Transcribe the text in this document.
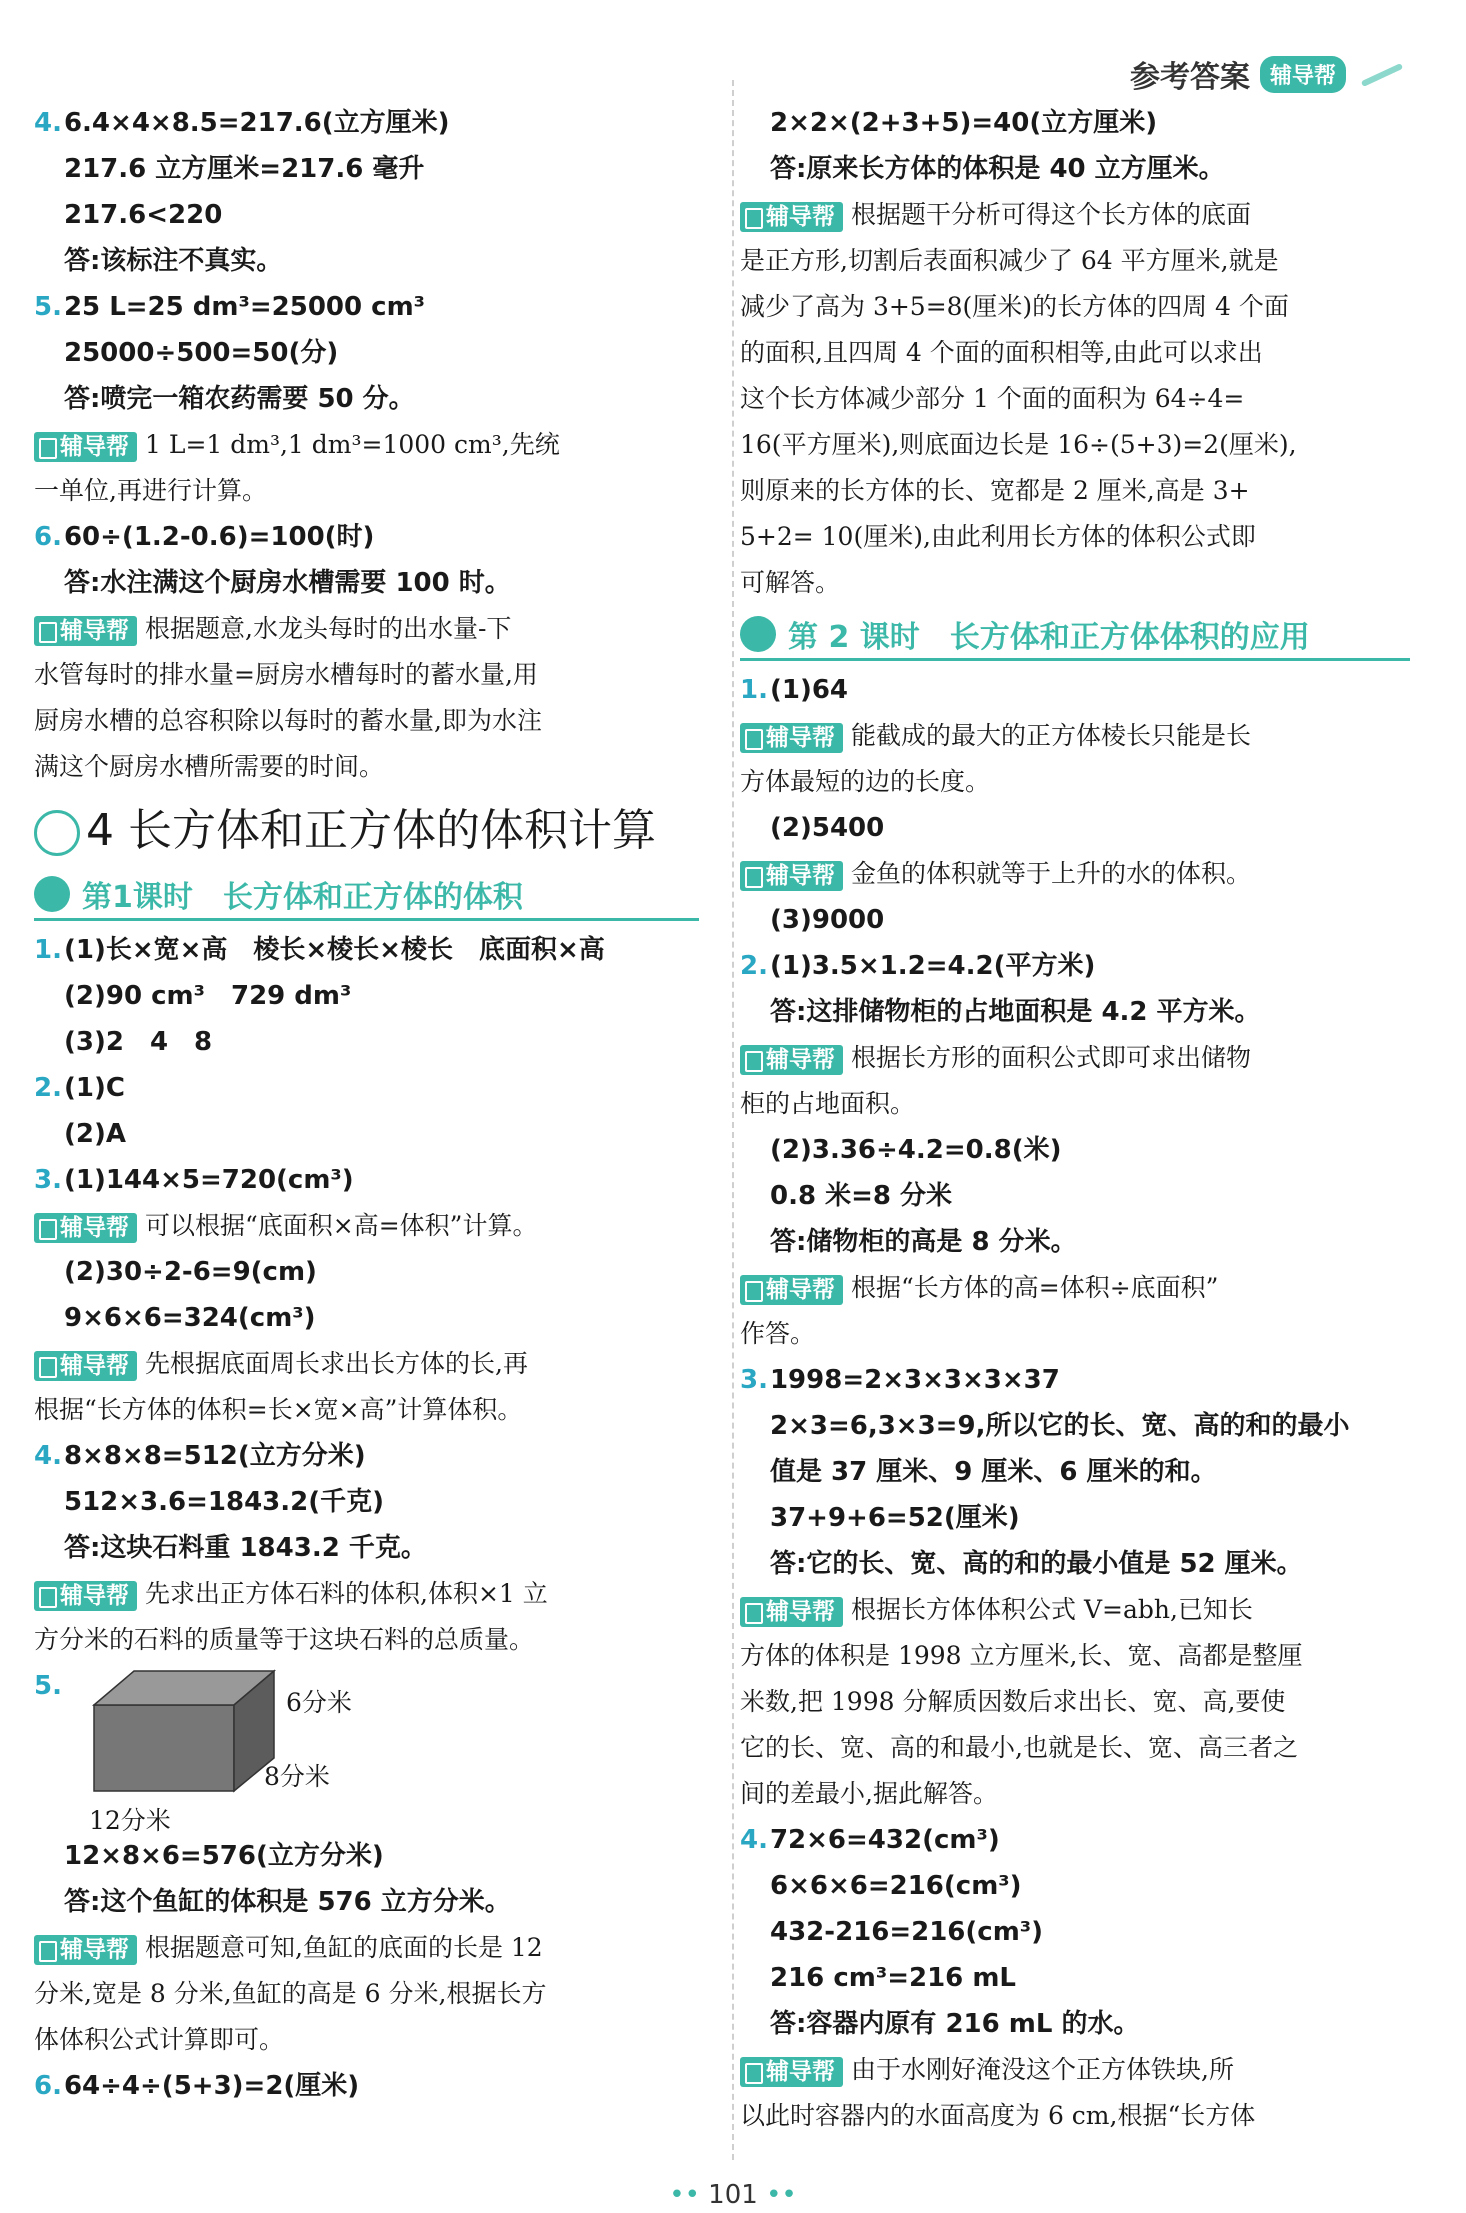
参考答案 辅导帮
4.6.4×4×8.5=217.6(立方厘米)
217.6 立方厘米=217.6 毫升
217.6<220
答:该标注不真实。
5.25 L=25 dm³=25000 cm³
25000÷500=50(分)
答:喷完一箱农药需要 50 分。
辅导帮 1 L=1 dm³,1 dm³=1000 cm³,先统
一单位,再进行计算。
6.60÷(1.2-0.6)=100(时)
答:水注满这个厨房水槽需要 100 时。
辅导帮 根据题意,水龙头每时的出水量-下
水管每时的排水量=厨房水槽每时的蓄水量,用
厨房水槽的总容积除以每时的蓄水量,即为水注
满这个厨房水槽所需要的时间。
4 长方体和正方体的体积计算
第1课时　长方体和正方体的体积
1.(1)长×宽×高　棱长×棱长×棱长　底面积×高
(2)90 cm³　729 dm³
(3)2　4　8
2.(1)C
(2)A
3.(1)144×5=720(cm³)
辅导帮 可以根据“底面积×高=体积”计算。
(2)30÷2-6=9(cm)
9×6×6=324(cm³)
辅导帮 先根据底面周长求出长方体的长,再
根据“长方体的体积=长×宽×高”计算体积。
4.8×8×8=512(立方分米)
512×3.6=1843.2(千克)
答:这块石料重 1843.2 千克。
辅导帮 先求出正方体石料的体积,体积×1 立
方分米的石料的质量等于这块石料的总质量。
5.
6分米
8分米
12分米
12×8×6=576(立方分米)
答:这个鱼缸的体积是 576 立方分米。
辅导帮 根据题意可知,鱼缸的底面的长是 12
分米,宽是 8 分米,鱼缸的高是 6 分米,根据长方
体体积公式计算即可。
6.64÷4÷(5+3)=2(厘米)
2×2×(2+3+5)=40(立方厘米)
答:原来长方体的体积是 40 立方厘米。
辅导帮 根据题干分析可得这个长方体的底面
是正方形,切割后表面积减少了 64 平方厘米,就是
减少了高为 3+5=8(厘米)的长方体的四周 4 个面
的面积,且四周 4 个面的面积相等,由此可以求出
这个长方体减少部分 1 个面的面积为 64÷4=
16(平方厘米),则底面边长是 16÷(5+3)=2(厘米),
则原来的长方体的长、宽都是 2 厘米,高是 3+
5+2= 10(厘米),由此利用长方体的体积公式即
可解答。
第 2 课时　长方体和正方体体积的应用
1.(1)64
辅导帮 能截成的最大的正方体棱长只能是长
方体最短的边的长度。
(2)5400
辅导帮 金鱼的体积就等于上升的水的体积。
(3)9000
2.(1)3.5×1.2=4.2(平方米)
答:这排储物柜的占地面积是 4.2 平方米。
辅导帮 根据长方形的面积公式即可求出储物
柜的占地面积。
(2)3.36÷4.2=0.8(米)
0.8 米=8 分米
答:储物柜的高是 8 分米。
辅导帮 根据“长方体的高=体积÷底面积”
作答。
3.1998=2×3×3×3×37
2×3=6,3×3=9,所以它的长、宽、高的和的最小
值是 37 厘米、9 厘米、6 厘米的和。
37+9+6=52(厘米)
答:它的长、宽、高的和的最小值是 52 厘米。
辅导帮 根据长方体体积公式 V=abh,已知长
方体的体积是 1998 立方厘米,长、宽、高都是整厘
米数,把 1998 分解质因数后求出长、宽、高,要使
它的长、宽、高的和最小,也就是长、宽、高三者之
间的差最小,据此解答。
4.72×6=432(cm³)
6×6×6=216(cm³)
432-216=216(cm³)
216 cm³=216 mL
答:容器内原有 216 mL 的水。
辅导帮 由于水刚好淹没这个正方体铁块,所
以此时容器内的水面高度为 6 cm,根据“长方体
•• 101 ••
